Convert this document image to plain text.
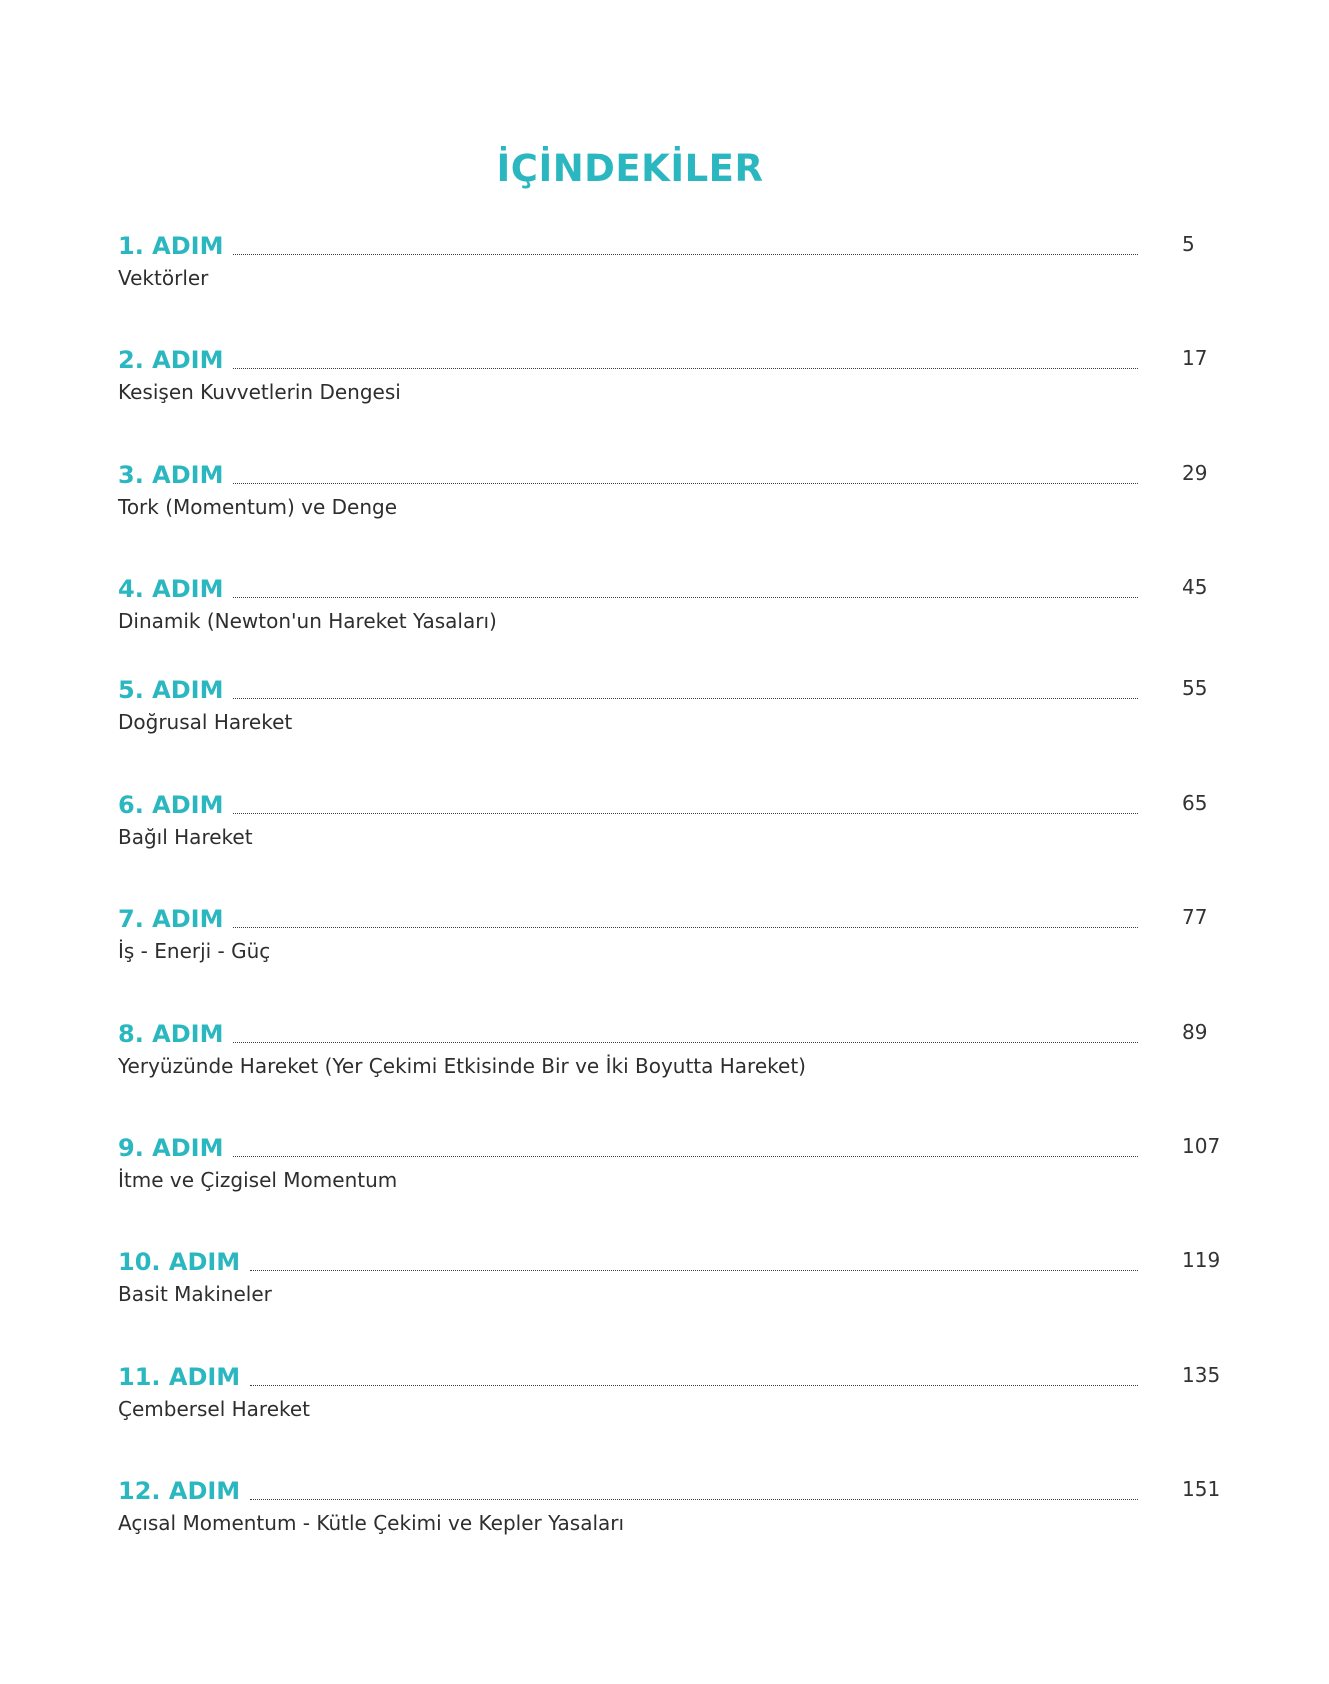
İÇİNDEKİLER
1. ADIM	5
Vektörler
2. ADIM	17
Kesişen Kuvvetlerin Dengesi
3. ADIM	29
Tork (Momentum) ve Denge
4. ADIM	45
Dinamik (Newton'un Hareket Yasaları)
5. ADIM	55
Doğrusal Hareket
6. ADIM	65
Bağıl Hareket
7. ADIM	77
İş - Enerji - Güç
8. ADIM	89
Yeryüzünde Hareket (Yer Çekimi Etkisinde Bir ve İki Boyutta Hareket)
9. ADIM	107
İtme ve Çizgisel Momentum
10. ADIM	119
Basit Makineler
11. ADIM	135
Çembersel Hareket
12. ADIM	151
Açısal Momentum - Kütle Çekimi ve Kepler Yasaları
